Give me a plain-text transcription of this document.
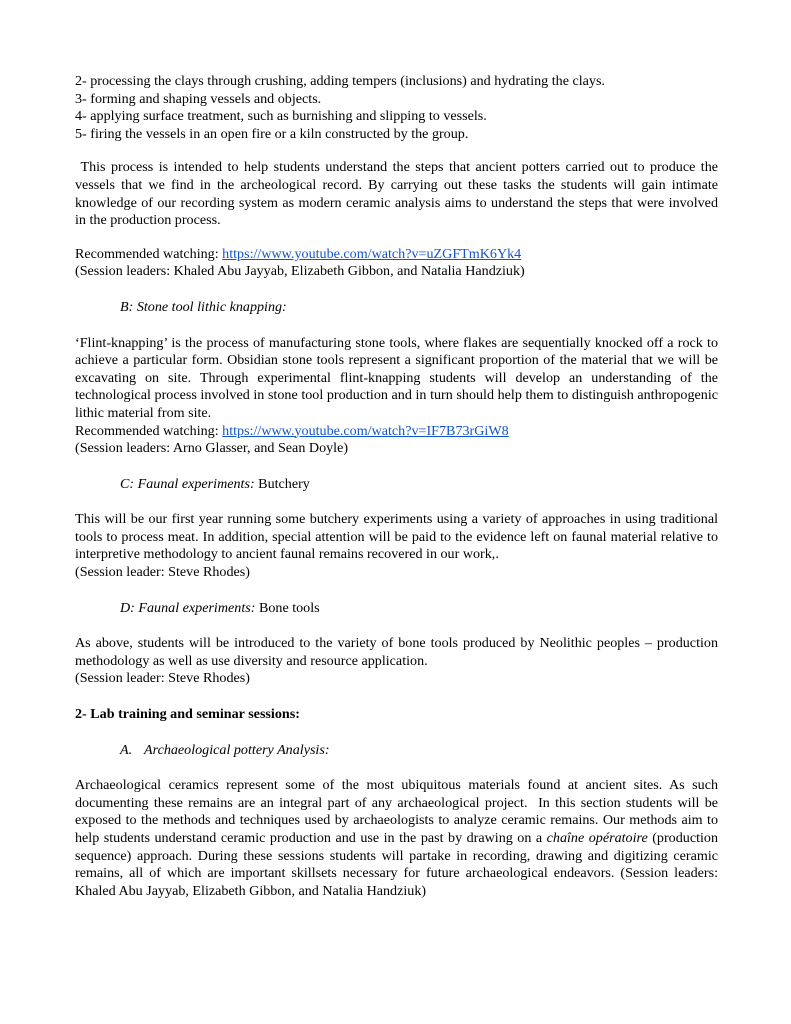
2- processing the clays through crushing, adding tempers (inclusions) and hydrating the clays.

3- forming and shaping vessels and objects.

4- applying surface treatment, such as burnishing and slipping to vessels.

5- firing the vessels in an open fire or a kiln constructed by the group.

This process is intended to help students understand the steps that ancient potters carried out to produce the vessels that we find in the archeological record. By carrying out these tasks the students will gain intimate knowledge of our recording system as modern ceramic analysis aims to understand the steps that were involved in the production process.

Recommended watching: https://www.youtube.com/watch?v=uZGFTmK6Yk4

(Session leaders: Khaled Abu Jayyab, Elizabeth Gibbon, and Natalia Handziuk)

B: Stone tool lithic knapping:

‘Flint-knapping’ is the process of manufacturing stone tools, where flakes are sequentially knocked off a rock to achieve a particular form. Obsidian stone tools represent a significant proportion of the material that we will be excavating on site. Through experimental flint-knapping students will develop an understanding of the technological process involved in stone tool production and in turn should help them to distinguish anthropogenic lithic material from site.

Recommended watching: https://www.youtube.com/watch?v=IF7B73rGiW8

(Session leaders: Arno Glasser, and Sean Doyle)

C: Faunal experiments: Butchery

This will be our first year running some butchery experiments using a variety of approaches in using traditional tools to process meat. In addition, special attention will be paid to the evidence left on faunal material relative to interpretive methodology to ancient faunal remains recovered in our work,.

(Session leader: Steve Rhodes)

D: Faunal experiments: Bone tools

As above, students will be introduced to the variety of bone tools produced by Neolithic peoples – production methodology as well as use diversity and resource application.

(Session leader: Steve Rhodes)

2- Lab training and seminar sessions:

A. Archaeological pottery Analysis:

Archaeological ceramics represent some of the most ubiquitous materials found at ancient sites. As such documenting these remains are an integral part of any archaeological project.  In this section students will be exposed to the methods and techniques used by archaeologists to analyze ceramic remains. Our methods aim to help students understand ceramic production and use in the past by drawing on a chaîne opératoire (production sequence) approach. During these sessions students will partake in recording, drawing and digitizing ceramic remains, all of which are important skillsets necessary for future archaeological endeavors. (Session leaders: Khaled Abu Jayyab, Elizabeth Gibbon, and Natalia Handziuk)
